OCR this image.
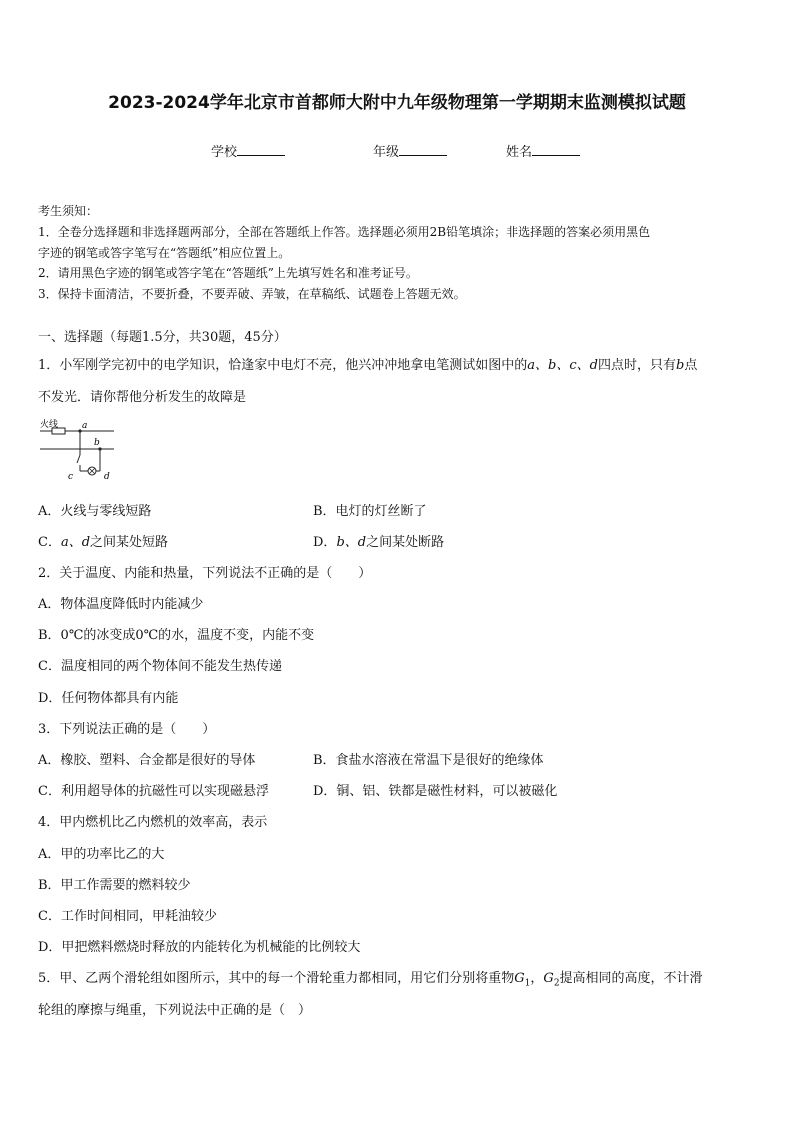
2023-2024学年北京市首都师大附中九年级物理第一学期期末监测模拟试题
学校	年级	姓名
考生须知：
1．全卷分选择题和非选择题两部分，全部在答题纸上作答。选择题必须用2B铅笔填涂；非选择题的答案必须用黑色
字迹的钢笔或答字笔写在“答题纸”相应位置上。
2．请用黑色字迹的钢笔或答字笔在“答题纸”上先填写姓名和准考证号。
3．保持卡面清洁，不要折叠，不要弄破、弄皱，在草稿纸、试题卷上答题无效。
一、选择题（每题1.5分，共30题，45分）
1．小军刚学完初中的电学知识，恰逢家中电灯不亮，他兴冲冲地拿电笔测试如图中的a、b、c、d四点时，只有b点
不发光．请你帮他分析发生的故障是
火线	a
b
c	d
A．火线与零线短路	B．电灯的灯丝断了
C．a、d之间某处短路	D．b、d之间某处断路
2．关于温度、内能和热量，下列说法不正确的是（　　）
A．物体温度降低时内能减少
B．0℃的冰变成0℃的水，温度不变，内能不变
C．温度相同的两个物体间不能发生热传递
D．任何物体都具有内能
3．下列说法正确的是（　　）
A．橡胶、塑料、合金都是很好的导体	B．食盐水溶液在常温下是很好的绝缘体
C．利用超导体的抗磁性可以实现磁悬浮	D．铜、铝、铁都是磁性材料，可以被磁化
4．甲内燃机比乙内燃机的效率高，表示
A．甲的功率比乙的大
B．甲工作需要的燃料较少
C．工作时间相同，甲耗油较少
D．甲把燃料燃烧时释放的内能转化为机械能的比例较大
5．甲、乙两个滑轮组如图所示，其中的每一个滑轮重力都相同，用它们分别将重物$G_1$，$G_2$提高相同的高度，不计滑
轮组的摩擦与绳重，下列说法中正确的是（　）
